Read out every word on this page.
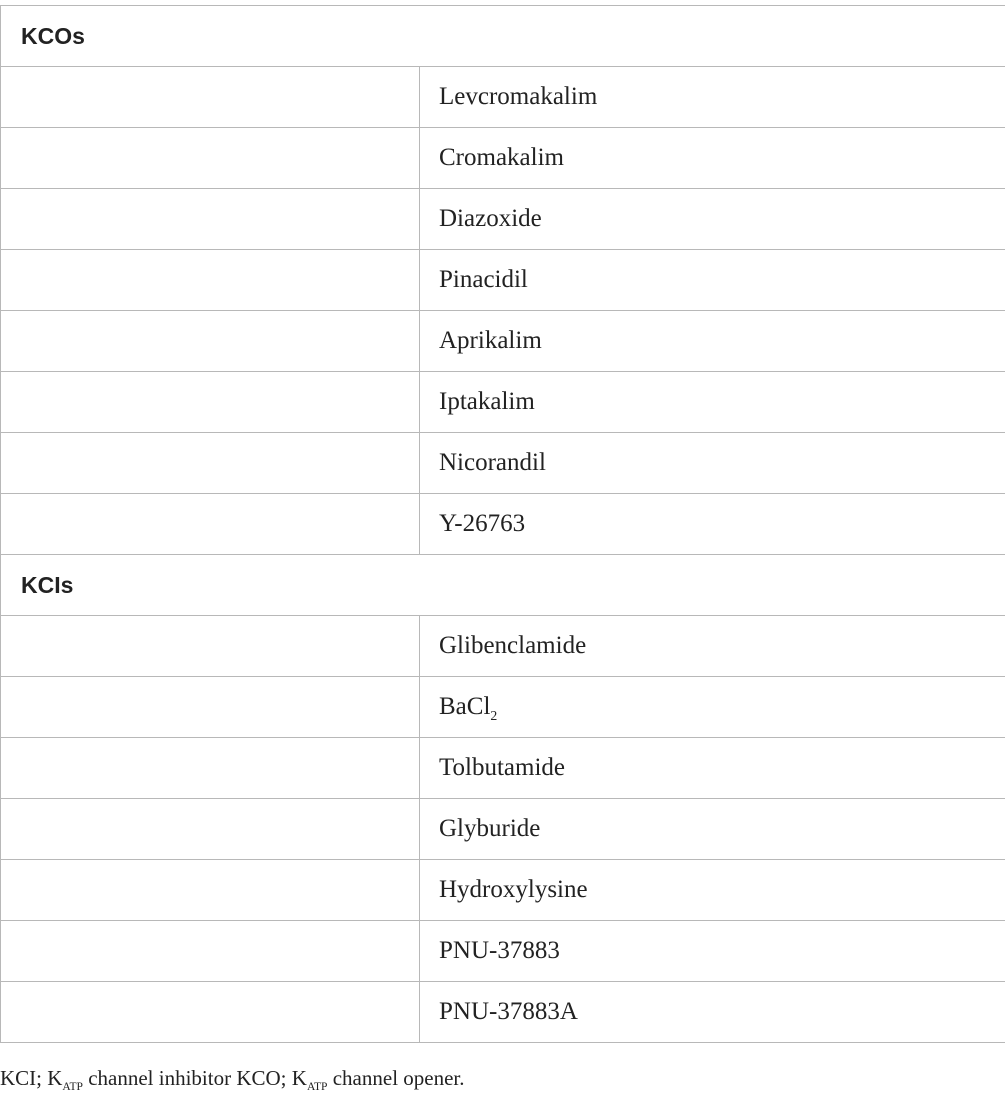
KCOs	
	Levcromakalim
	Cromakalim
	Diazoxide
	Pinacidil
	Aprikalim
	Iptakalim
	Nicorandil
	Y-26763
KCIs	
	Glibenclamide
	BaCl$_2$
	Tolbutamide
	Glyburide
	Hydroxylysine
	PNU-37883
	PNU-37883A
KCI; $K_{ATP}$ channel inhibitor KCO; $K_{ATP}$ channel opener.
